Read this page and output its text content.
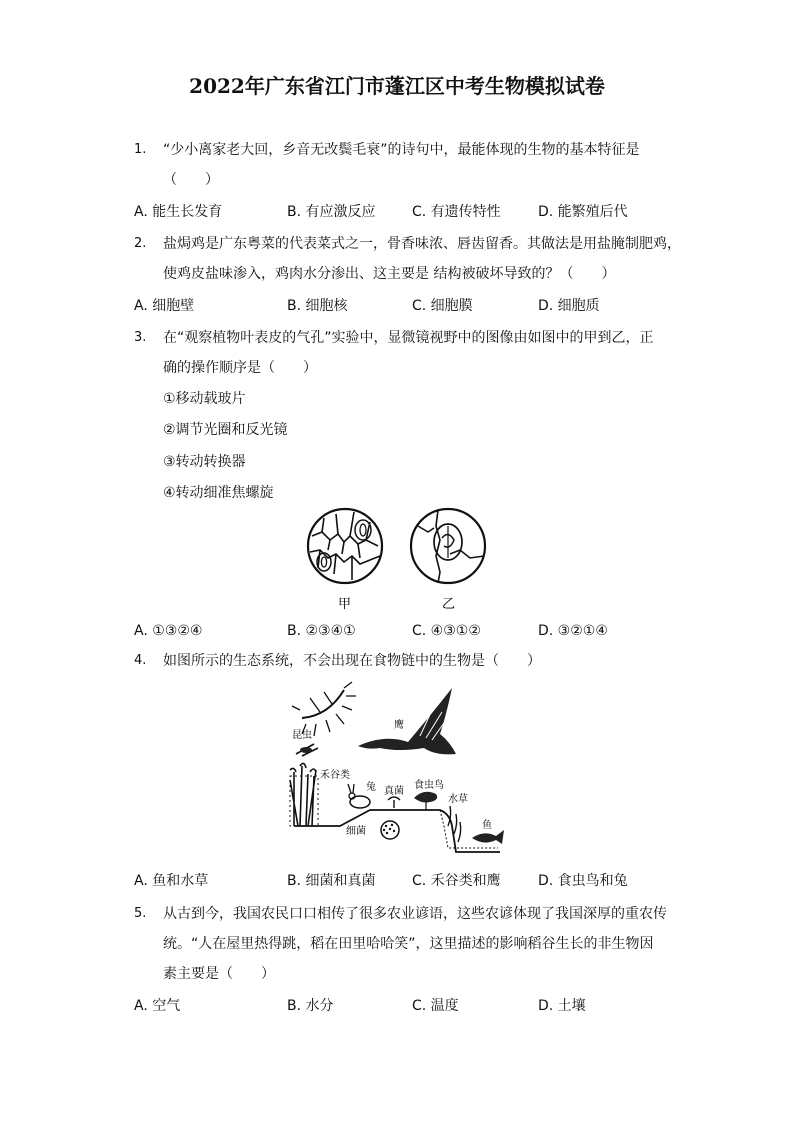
2022年广东省江门市蓬江区中考生物模拟试卷
1. “少小离家老大回，乡音无改鬓毛衰”的诗句中，最能体现的生物的基本特征是
（　　）
A. 能生长发育	B. 有应激反应	C. 有遗传特性	D. 能繁殖后代
2. 盐焗鸡是广东粤菜的代表菜式之一，骨香味浓、唇齿留香。其做法是用盐腌制肥鸡，
使鸡皮盐味渗入，鸡肉水分渗出、这主要是 结构被破坏导致的？（　　）
A. 细胞壁	B. 细胞核	C. 细胞膜	D. 细胞质
3. 在“观察植物叶表皮的气孔”实验中，显微镜视野中的图像由如图中的甲到乙，正
确的操作顺序是（　　）
①移动载玻片
②调节光圈和反光镜
③转动转换器
④转动细准焦螺旋
甲	乙
A. ①③②④	B. ②③④①	C. ④③①②	D. ③②①④
4. 如图所示的生态系统，不会出现在食物链中的生物是（　　）
鹰
昆虫
禾谷类
兔 真菌
食虫鸟
水草
鱼
细菌
A. 鱼和水草	B. 细菌和真菌	C. 禾谷类和鹰	D. 食虫鸟和兔
5. 从古到今，我国农民口口相传了很多农业谚语，这些农谚体现了我国深厚的重农传
统。“人在屋里热得跳，稻在田里哈哈笑”，这里描述的影响稻谷生长的非生物因
素主要是（　　）
A. 空气	B. 水分	C. 温度	D. 土壤
